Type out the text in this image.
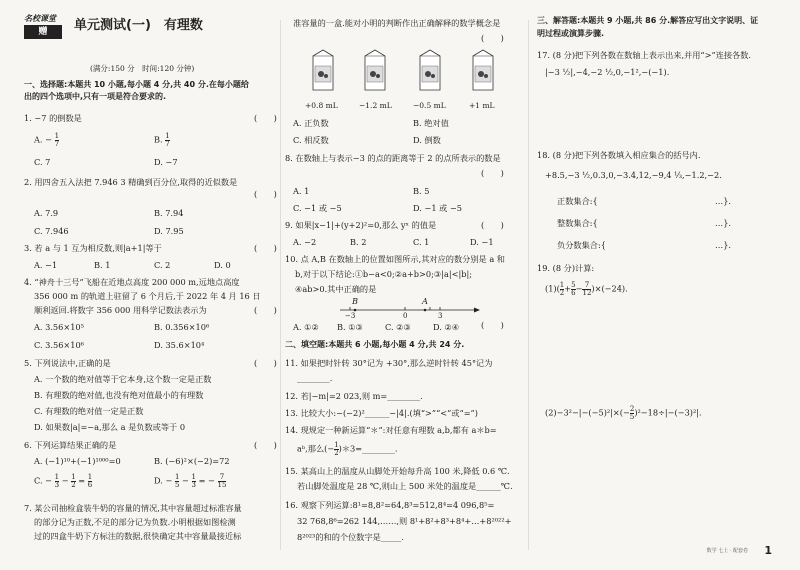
名校课堂
赠	单元测试(一)　有理数
(满分:150 分　时间:120 分钟)
一、选择题:本题共 10 小题,每小题 4 分,共 40 分.在每小题给
出的四个选项中,只有一项是符合要求的.
1. −7 的倒数是	(　　)
A. − $\frac{1}{7}$	B. $\frac{1}{7}$
C. 7	D. −7
2. 用四舍五入法把 7.946 3 精确到百分位,取得的近似数是
(　　)
A. 7.9	B. 7.94
C. 7.946	D. 7.95
3. 若 a 与 1 互为相反数,则|a+1|等于	(　　)
A. −1	B. 1	C. 2	D. 0
4. “神舟十三号”飞船在近地点高度 200 000 m,远地点高度
356 000 m 的轨道上驻留了 6 个月后,于 2022 年 4 月 16 日
顺利返回.将数字 356 000 用科学记数法表示为	(　　)
A. 3.56×10⁵	B. 0.356×10⁶
C. 3.56×10⁶	D. 35.6×10⁴
5. 下列说法中,正确的是	(　　)
A. 一个数的绝对值等于它本身,这个数一定是正数
B. 有理数的绝对值,也没有绝对值最小的有理数
C. 有理数的绝对值一定是正数
D. 如果数|a|=−a,那么 a 是负数或等于 0
6. 下列运算结果正确的是	(　　)
A. (−1)¹⁰+(−1)¹⁰⁰⁰=0	B. (−6)²×(−2)=72
C. − $\frac{1}{3} - \frac{1}{2} = \frac{1}{6}$	D. − $\frac{1}{5} - \frac{1}{3}$ = − $\frac{7}{15}$
7. 某公司抽检盒装牛奶的容量的情况,其中容量超过标准容量
的部分记为正数,不足的部分记为负数.小明根据如图检测
过的四盒牛奶下方标注的数据,很快确定其中容量最接近标
准容量的一盒.能对小明的判断作出正确解释的数学概念是
(　　)
+0.8 mL	−1.2 mL	−0.5 mL	+1 mL
A. 正负数	B. 绝对值
C. 相反数	D. 倒数
8. 在数轴上与表示−3 的点的距离等于 2 的点所表示的数是
(　　)
A. 1	B. 5
C. −1 或 −5	D. −1 或 −5
9. 如果|x−1|+(y+2)²=0,那么 yˣ 的值是	(　　)
A. −2	B. 2	C. 1	D. −1
10. 点 A,B 在数轴上的位置如图所示,其对应的数分别是 a 和
b,对于以下结论:①b−a<0;②a+b>0;③|a|<|b|;
④ab>0.其中正确的是
(　　)
B	A
−3	0	3
A. ①② B. ①③	C. ②③	D. ②④
二、填空题:本题共 6 小题,每小题 4 分,共 24 分.
11. 如果把时针转 30°记为 +30°,那么逆时针转 45°记为
________.
12. 若|−m|=2 023,则 m=________.
13. 比较大小:−(−2)²______−|4|.(填“>”“<”或“=”)
14. 现规定一种新运算“＊”:对任意有理数 a,b,都有 a＊b=
aᵇ,那么(− $\frac{1}{2}$ )＊3=________.
15. 某高山上的温度从山脚处开始每升高 100 米,降低 0.6 ℃.
若山脚处温度是 28 ℃,则山上 500 米处的温度是______℃.
16. 观察下列运算:8¹=8,8²=64,8³=512,8⁴=4 096,8⁵=
32 768,8⁶=262 144,……,则 8¹+8²+8³+8⁴+…+8²⁰²²+
8²⁰²³的和的个位数字是_____.
三、解答题:本题共 9 小题,共 86 分.解答应写出文字说明、证
明过程或演算步骤.
17. (8 分)把下列各数在数轴上表示出来,并用“>”连接各数.
|−3 ½|,−4,−2 ½,0,−1²,−(−1).
18. (8 分)把下列各数填入相应集合的括号内.
+8.5,−3 ½,0.3,0,−3.4,12,−9,4 ⅓,−1.2,−2.
正数集合:{	…}.
整数集合:{	…}.
负分数集合:{	…}.
19. (8 分)计算:
$(1)( \frac{1}{2} + \frac{5}{6} - \frac{7}{12} )\times(-24)$.
$(2)-3^2-|-(-5)^2|\times(- \frac{2}{5} )^2-18\div|-(-3)^2|$.
数学 七上 · 配套卷 1
